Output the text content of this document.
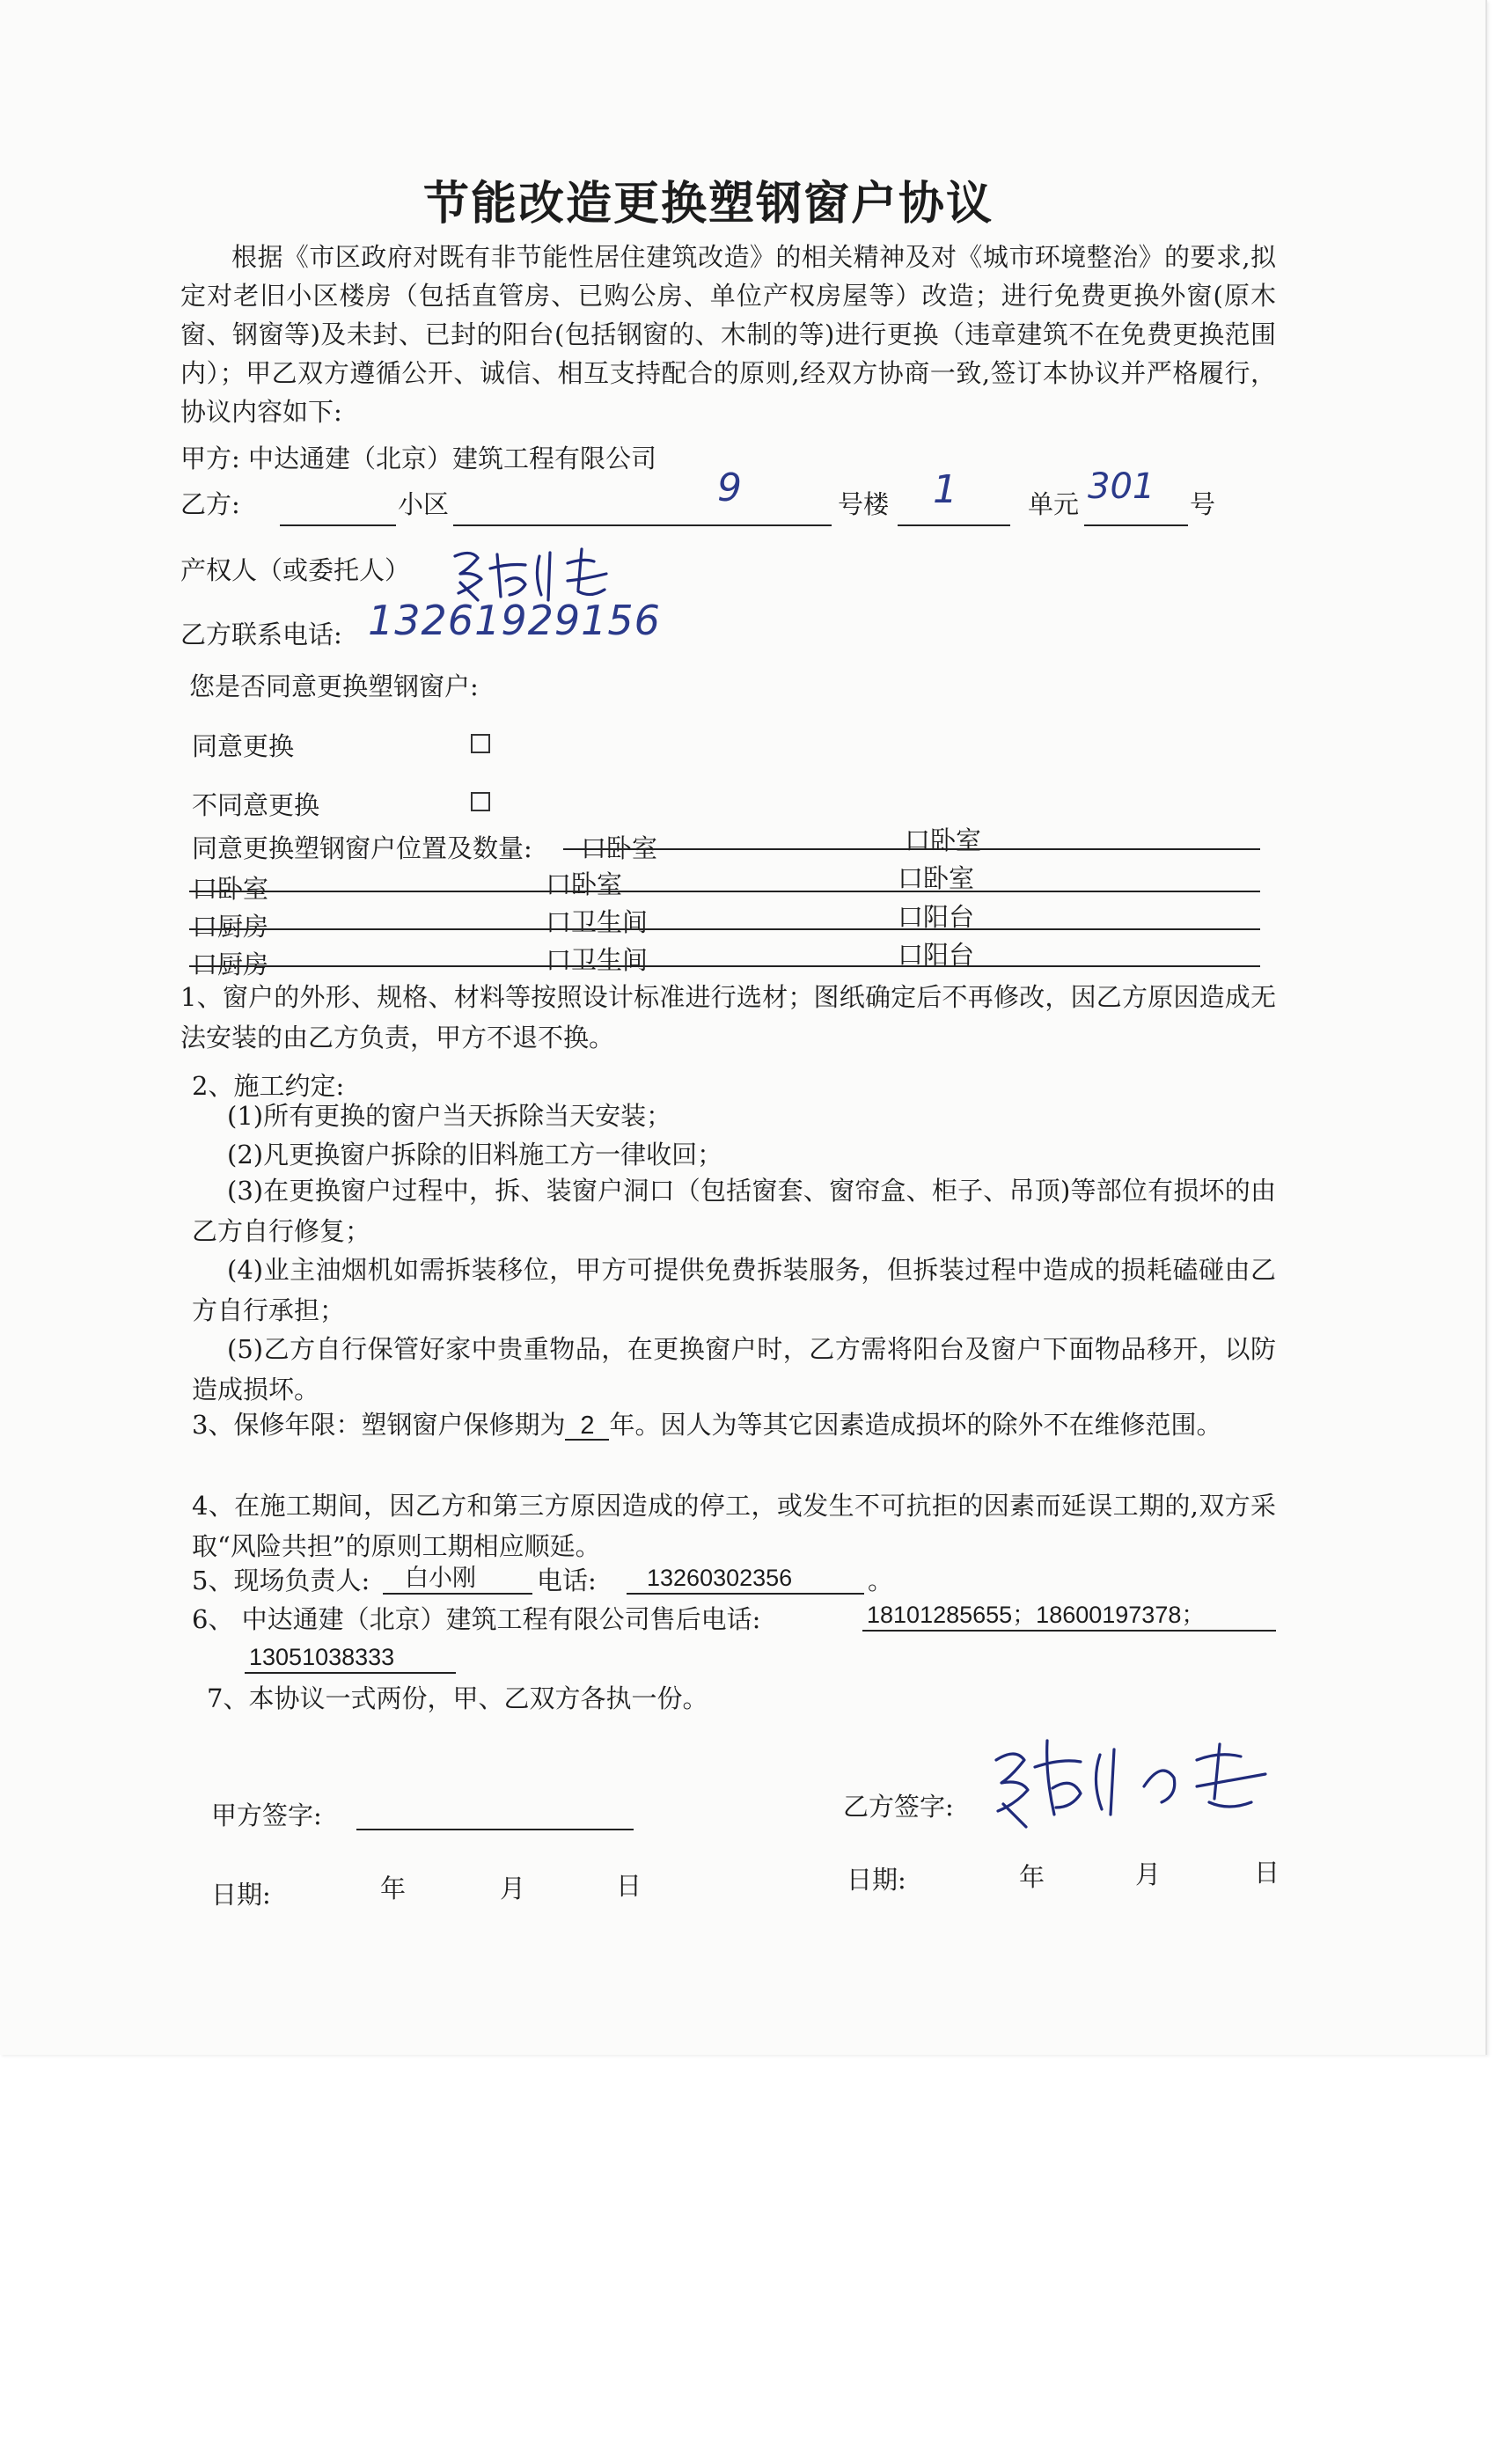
节能改造更换塑钢窗户协议
根据《市区政府对既有非节能性居住建筑改造》的相关精神及对《城市环境整治》的要求,拟定对老旧小区楼房（包括直管房、已购公房、单位产权房屋等）改造；进行免费更换外窗(原木窗、钢窗等)及未封、已封的阳台(包括钢窗的、木制的等)进行更换（违章建筑不在免费更换范围内）；甲乙双方遵循公开、诚信、相互支持配合的原则,经双方协商一致,签订本协议并严格履行，协议内容如下:
甲方: 中达通建（北京）建筑工程有限公司
乙方:	小区	9	号楼 1	单元 301 号
产权人（或委托人）
乙方联系电话: 13261929156
您是否同意更换塑钢窗户:
同意更换
不同意更换
同意更换塑钢窗户位置及数量: 口卧室	口卧室
口卧室	口卧室	口卧室
口厨房	口卫生间	口阳台
口厨房	口卫生间	口阳台
1、窗户的外形、规格、材料等按照设计标准进行选材；图纸确定后不再修改，因乙方原因造成无法安装的由乙方负责，甲方不退不换。
2、施工约定:
(1)所有更换的窗户当天拆除当天安装；
(2)凡更换窗户拆除的旧料施工方一律收回；
(3)在更换窗户过程中，拆、装窗户洞口（包括窗套、窗帘盒、柜子、吊顶)等部位有损坏的由乙方自行修复；
(4)业主油烟机如需拆装移位，甲方可提供免费拆装服务，但拆装过程中造成的损耗磕碰由乙方自行承担；
(5)乙方自行保管好家中贵重物品，在更换窗户时，乙方需将阳台及窗户下面物品移开，以防造成损坏。
3、保修年限：塑钢窗户保修期为 2 年。因人为等其它因素造成损坏的除外不在维修范围。
4、在施工期间，因乙方和第三方原因造成的停工，或发生不可抗拒的因素而延误工期的,双方采取“风险共担”的原则工期相应顺延。
5、现场负责人: 白小刚 电话: 13260302356	。
6、 中达通建（北京）建筑工程有限公司售后电话:	18101285655；18600197378；
13051038333
7、本协议一式两份，甲、乙双方各执一份。
甲方签字:	乙方签字:
日期:	年	月	日	日期:	年	月	日
